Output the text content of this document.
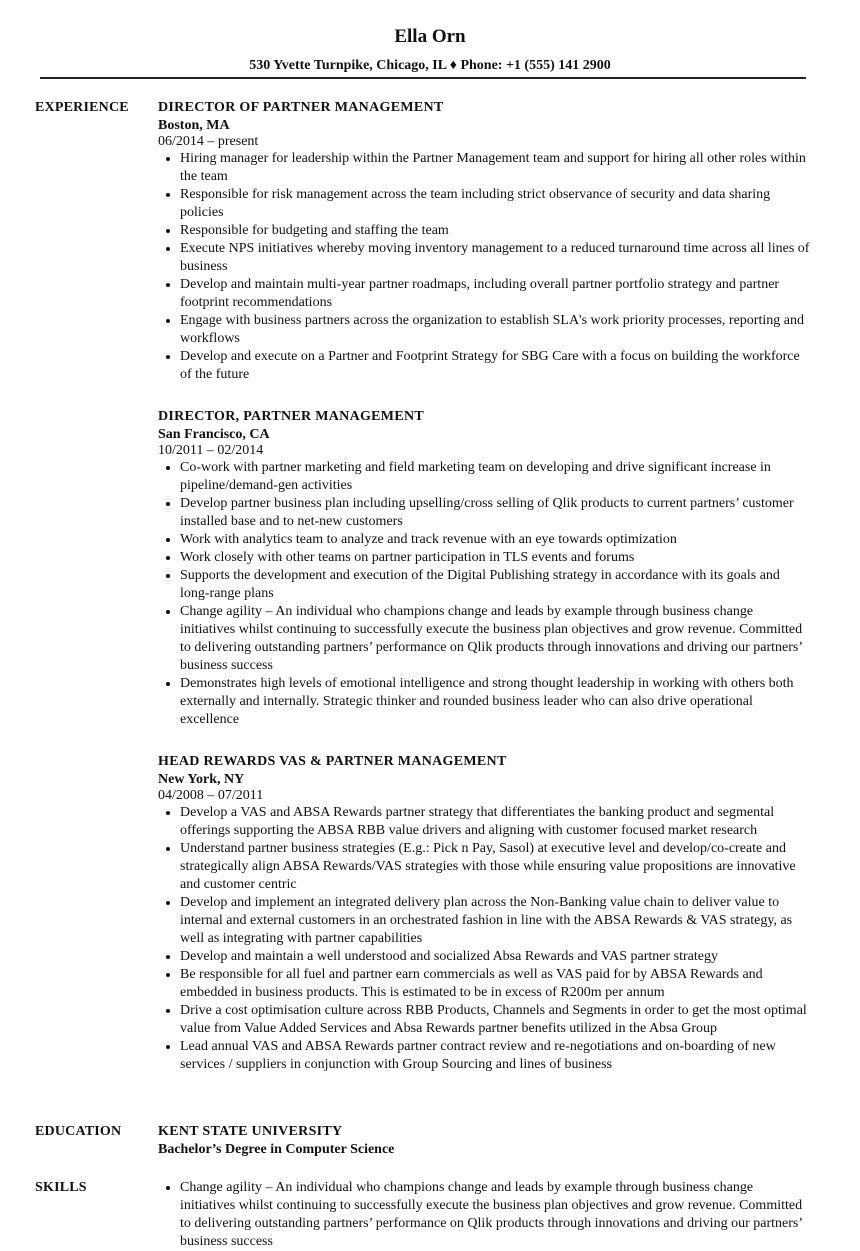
Ella Orn
530 Yvette Turnpike, Chicago, IL ♦ Phone: +1 (555) 141 2900
EXPERIENCE DIRECTOR OF PARTNER MANAGEMENT
Boston, MA
06/2014 – present
• Hiring manager for leadership within the Partner Management team and support for hiring all other roles within the team
• Responsible for risk management across the team including strict observance of security and data sharing policies
• Responsible for budgeting and staffing the team
• Execute NPS initiatives whereby moving inventory management to a reduced turnaround time across all lines of business
• Develop and maintain multi-year partner roadmaps, including overall partner portfolio strategy and partner footprint recommendations
• Engage with business partners across the organization to establish SLA's work priority processes, reporting and workflows
• Develop and execute on a Partner and Footprint Strategy for SBG Care with a focus on building the workforce of the future
DIRECTOR, PARTNER MANAGEMENT
San Francisco, CA
10/2011 – 02/2014
• Co-work with partner marketing and field marketing team on developing and drive significant increase in pipeline/demand-gen activities
• Develop partner business plan including upselling/cross selling of Qlik products to current partners’ customer installed base and to net-new customers
• Work with analytics team to analyze and track revenue with an eye towards optimization
• Work closely with other teams on partner participation in TLS events and forums
• Supports the development and execution of the Digital Publishing strategy in accordance with its goals and long-range plans
• Change agility – An individual who champions change and leads by example through business change initiatives whilst continuing to successfully execute the business plan objectives and grow revenue. Committed to delivering outstanding partners’ performance on Qlik products through innovations and driving our partners’ business success
• Demonstrates high levels of emotional intelligence and strong thought leadership in working with others both externally and internally. Strategic thinker and rounded business leader who can also drive operational excellence
HEAD REWARDS VAS & PARTNER MANAGEMENT
New York, NY
04/2008 – 07/2011
• Develop a VAS and ABSA Rewards partner strategy that differentiates the banking product and segmental offerings supporting the ABSA RBB value drivers and aligning with customer focused market research
• Understand partner business strategies (E.g.: Pick n Pay, Sasol) at executive level and develop/co-create and strategically align ABSA Rewards/VAS strategies with those while ensuring value propositions are innovative and customer centric
• Develop and implement an integrated delivery plan across the Non-Banking value chain to deliver value to internal and external customers in an orchestrated fashion in line with the ABSA Rewards & VAS strategy, as well as integrating with partner capabilities
• Develop and maintain a well understood and socialized Absa Rewards and VAS partner strategy
• Be responsible for all fuel and partner earn commercials as well as VAS paid for by ABSA Rewards and embedded in business products. This is estimated to be in excess of R200m per annum
• Drive a cost optimisation culture across RBB Products, Channels and Segments in order to get the most optimal value from Value Added Services and Absa Rewards partner benefits utilized in the Absa Group
• Lead annual VAS and ABSA Rewards partner contract review and re-negotiations and on-boarding of new services / suppliers in conjunction with Group Sourcing and lines of business
EDUCATION	KENT STATE UNIVERSITY
Bachelor’s Degree in Computer Science
SKILLS
•	Change agility – An individual who champions change and leads by example through business change initiatives whilst continuing to successfully execute the business plan objectives and grow revenue. Committed to delivering outstanding partners’ performance on Qlik products through innovations and driving our partners’ business success
